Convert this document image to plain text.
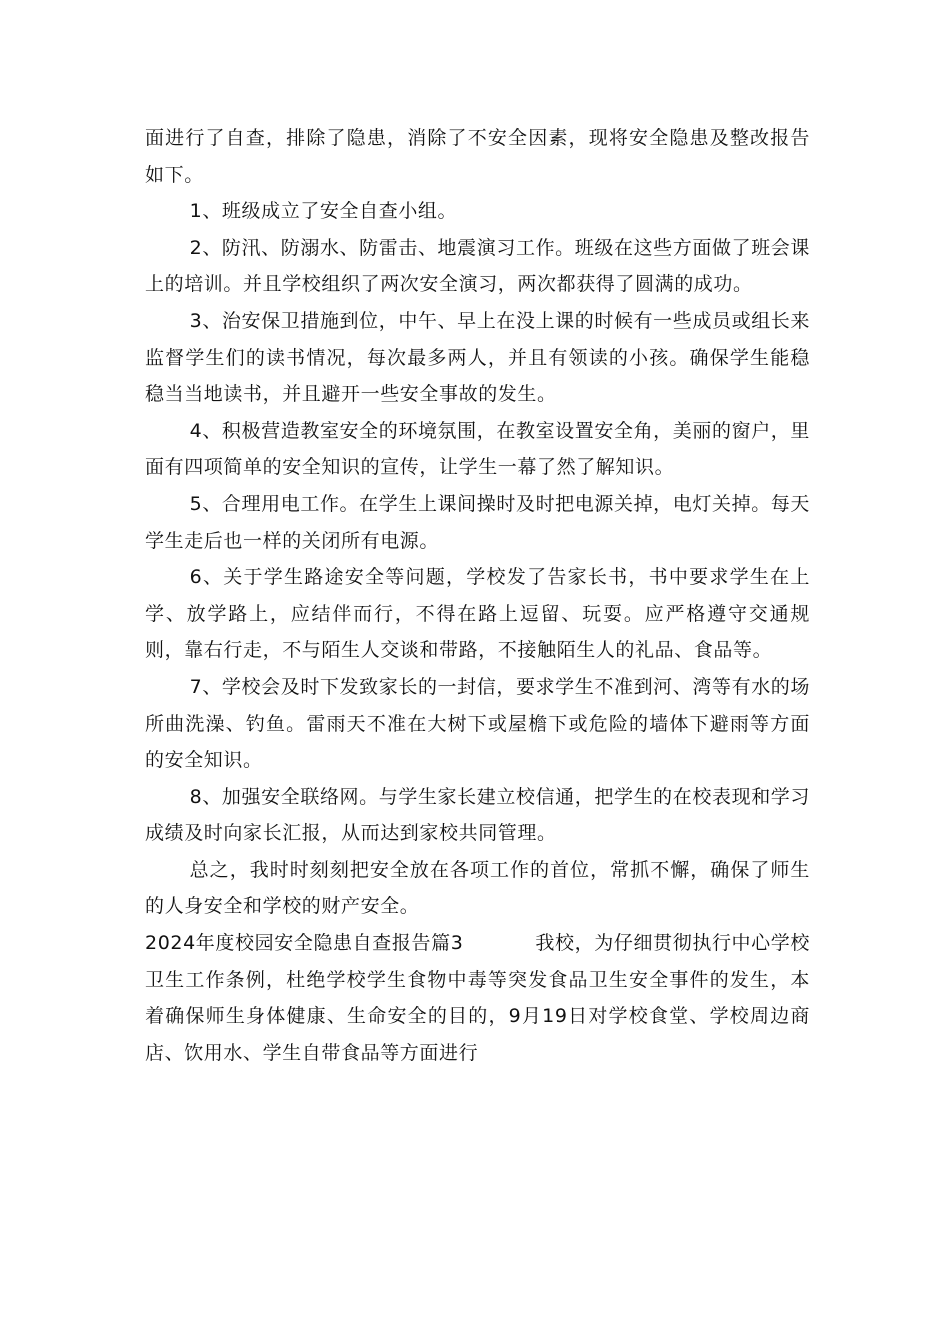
面进行了自查，排除了隐患，消除了不安全因素，现将安全隐患及整改报告如下。

1、班级成立了安全自查小组。

2、防汛、防溺水、防雷击、地震演习工作。班级在这些方面做了班会课上的培训。并且学校组织了两次安全演习，两次都获得了圆满的成功。

3、治安保卫措施到位，中午、早上在没上课的时候有一些成员或组长来监督学生们的读书情况，每次最多两人，并且有领读的小孩。确保学生能稳稳当当地读书，并且避开一些安全事故的发生。

4、积极营造教室安全的环境氛围，在教室设置安全角，美丽的窗户，里面有四项简单的安全知识的宣传，让学生一幕了然了解知识。

5、合理用电工作。在学生上课间操时及时把电源关掉，电灯关掉。每天学生走后也一样的关闭所有电源。

6、关于学生路途安全等问题，学校发了告家长书，书中要求学生在上学、放学路上，应结伴而行，不得在路上逗留、玩耍。应严格遵守交通规则，靠右行走，不与陌生人交谈和带路，不接触陌生人的礼品、食品等。

7、学校会及时下发致家长的一封信，要求学生不准到河、湾等有水的场所曲洗澡、钓鱼。雷雨天不准在大树下或屋檐下或危险的墙体下避雨等方面的安全知识。

8、加强安全联络网。与学生家长建立校信通，把学生的在校表现和学习成绩及时向家长汇报，从而达到家校共同管理。

总之，我时时刻刻把安全放在各项工作的首位，常抓不懈，确保了师生的人身安全和学校的财产安全。

2024年度校园安全隐患自查报告篇3	我校，为仔细贯彻执行中心学校卫生工作条例，杜绝学校学生食物中毒等突发食品卫生安全事件的发生，本着确保师生身体健康、生命安全的目的，9月19日对学校食堂、学校周边商店、饮用水、学生自带食品等方面进行
